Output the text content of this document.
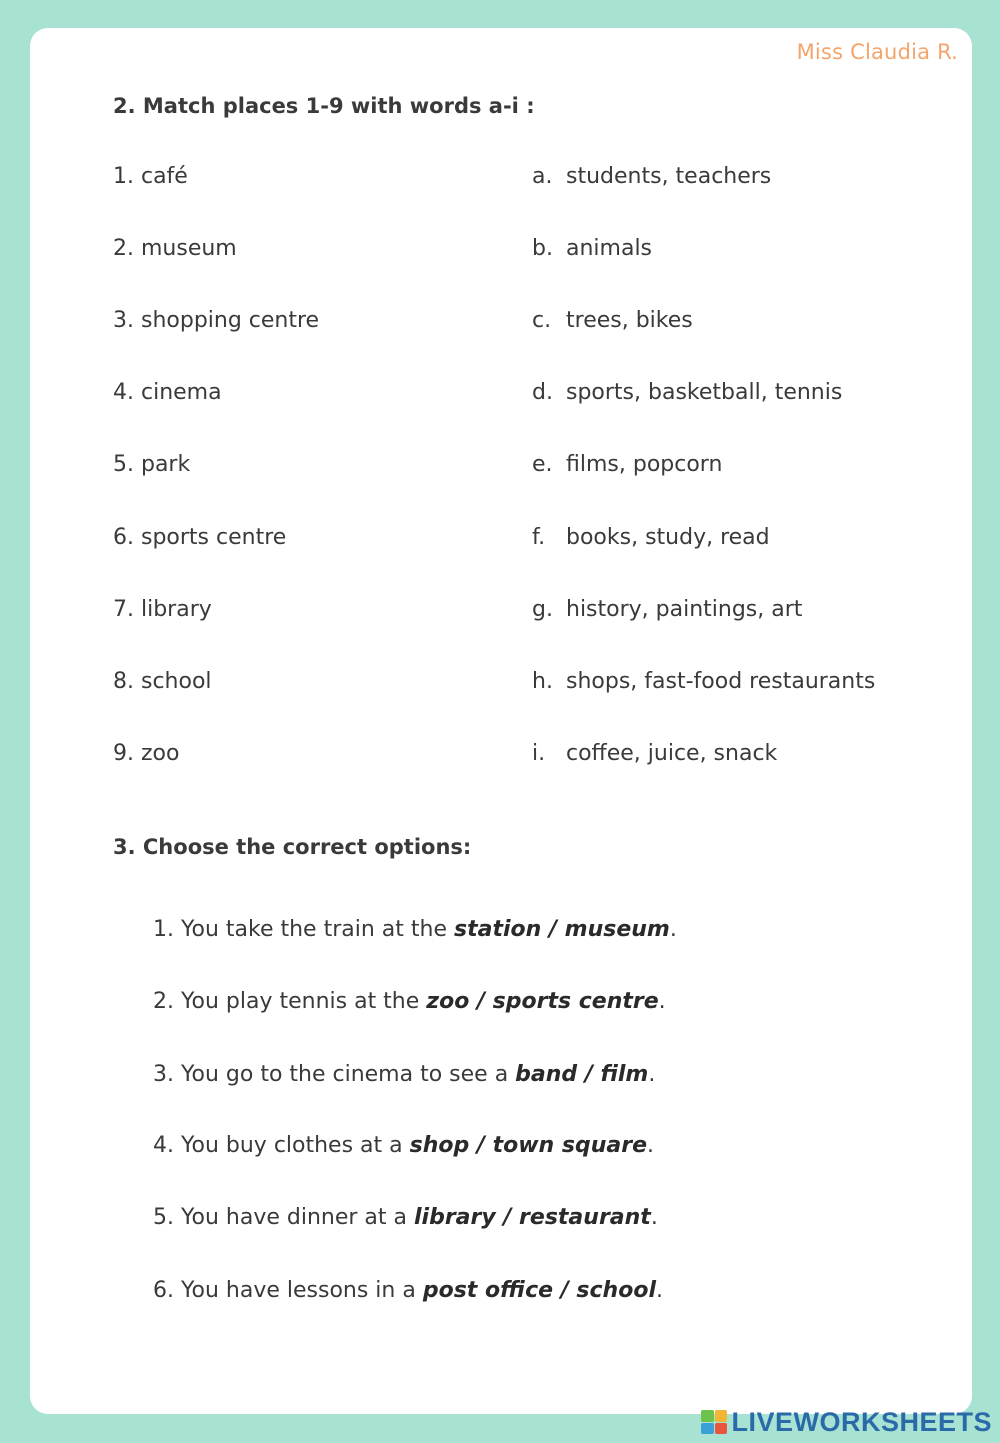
Miss Claudia R.
2. Match places 1-9 with words a-i :
1. café	a. students, teachers
2. museum	b. animals
3. shopping centre	c. trees, bikes
4. cinema	d. sports, basketball, tennis
5. park	e. films, popcorn
6. sports centre	f. books, study, read
7. library	g. history, paintings, art
8. school	h. shops, fast-food restaurants
9. zoo	i. coffee, juice, snack
3. Choose the correct options:
1. You take the train at the station / museum.
2. You play tennis at the zoo / sports centre.
3. You go to the cinema to see a band / film.
4. You buy clothes at a shop / town square.
5. You have dinner at a library / restaurant.
6. You have lessons in a post office / school.
LIVEWORKSHEETS
